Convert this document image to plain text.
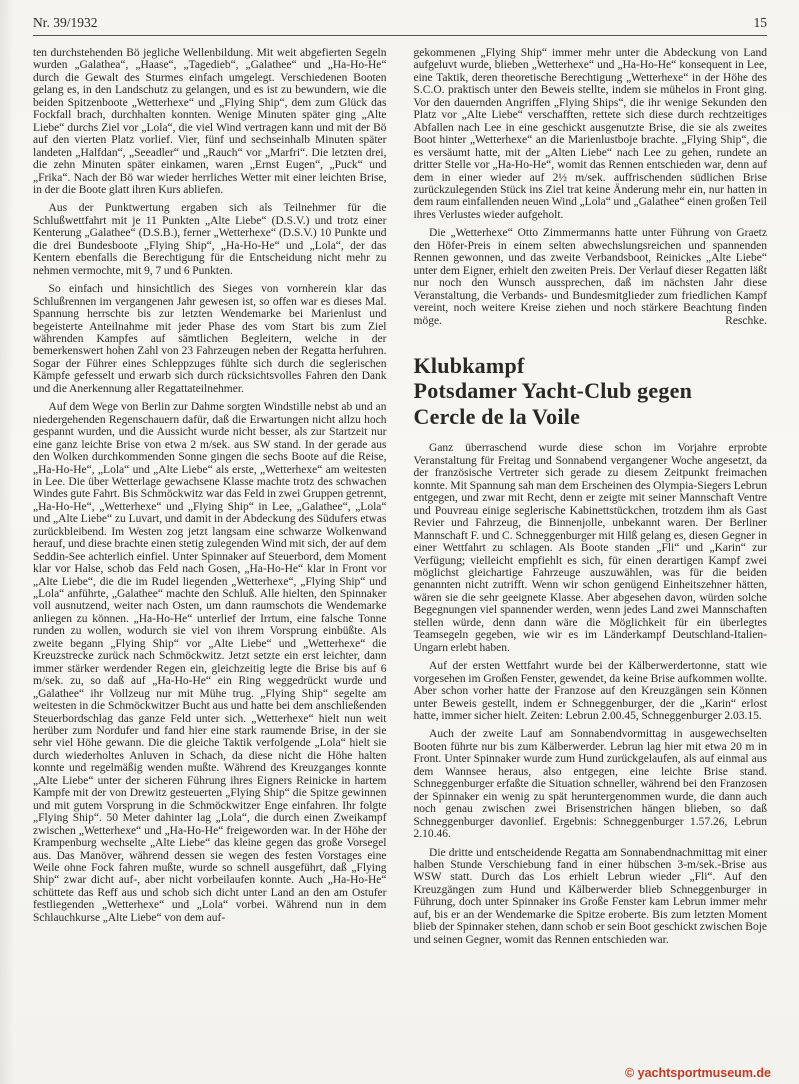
Nr. 39/1932	15

ten durchstehenden Bö jegliche Wellenbildung. Mit weit abgefierten Segeln wurden „Galathea“, „Haase“, „Tagedieb“, „Galathee“ und „Ha-Ho-He“ durch die Gewalt des Sturmes einfach umgelegt. Verschiedenen Booten gelang es, in den Landschutz zu gelangen, und es ist zu bewundern, wie die beiden Spitzenboote „Wetterhexe“ und „Flying Ship“, dem zum Glück das Fockfall brach, durchhalten konnten. Wenige Minuten später ging „Alte Liebe“ durchs Ziel vor „Lola“, die viel Wind vertragen kann und mit der Bö auf den vierten Platz vorlief. Vier, fünf und sechseinhalb Minuten später landeten „Halfdan“, „Seeadler“ und „Rauch“ vor „Marfri“. Die letzten drei, die zehn Minuten später einkamen, waren „Ernst Eugen“, „Puck“ und „Frika“. Nach der Bö war wieder herrliches Wetter mit einer leichten Brise, in der die Boote glatt ihren Kurs abliefen.

Aus der Punktwertung ergaben sich als Teilnehmer für die Schlußwettfahrt mit je 11 Punkten „Alte Liebe“ (D.S.V.) und trotz einer Kenterung „Galathee“ (D.S.B.), ferner „Wetterhexe“ (D.S.V.) 10 Punkte und die drei Bundesboote „Flying Ship“, „Ha-Ho-He“ und „Lola“, der das Kentern ebenfalls die Berechtigung für die Entscheidung nicht mehr zu nehmen vermochte, mit 9, 7 und 6 Punkten.

So einfach und hinsichtlich des Sieges von vornherein klar das Schlußrennen im vergangenen Jahr gewesen ist, so offen war es dieses Mal. Spannung herrschte bis zur letzten Wendemarke bei Marienlust und begeisterte Anteilnahme mit jeder Phase des vom Start bis zum Ziel währenden Kampfes auf sämtlichen Begleitern, welche in der bemerkenswert hohen Zahl von 23 Fahrzeugen neben der Regatta herfuhren. Sogar der Führer eines Schleppzuges fühlte sich durch die seglerischen Kämpfe gefesselt und erwarb sich durch rücksichtsvolles Fahren den Dank und die Anerkennung aller Regattateilnehmer.

Auf dem Wege von Berlin zur Dahme sorgten Windstille nebst ab und an niedergehenden Regenschauern dafür, daß die Erwartungen nicht allzu hoch gespannt wurden, und die Aussicht wurde nicht besser, als zur Startzeit nur eine ganz leichte Brise von etwa 2 m/sek. aus SW stand. In der gerade aus den Wolken durchkommenden Sonne gingen die sechs Boote auf die Reise, „Ha-Ho-He“, „Lola“ und „Alte Liebe“ als erste, „Wetterhexe“ am weitesten in Lee. Die über Wetterlage gewachsene Klasse machte trotz des schwachen Windes gute Fahrt. Bis Schmöckwitz war das Feld in zwei Gruppen getrennt, „Ha-Ho-He“, „Wetterhexe“ und „Flying Ship“ in Lee, „Galathee“, „Lola“ und „Alte Liebe“ zu Luvart, und damit in der Abdeckung des Südufers etwas zurückbleibend. Im Westen zog jetzt langsam eine schwarze Wolkenwand herauf, und diese brachte einen stetig zulegenden Wind mit sich, der auf dem Seddin-See achterlich einfiel. Unter Spinnaker auf Steuerbord, dem Moment klar vor Halse, schob das Feld nach Gosen, „Ha-Ho-He“ klar in Front vor „Alte Liebe“, die die im Rudel liegenden „Wetterhexe“, „Flying Ship“ und „Lola“ anführte, „Galathee“ machte den Schluß. Alle hielten, den Spinnaker voll ausnutzend, weiter nach Osten, um dann raumschots die Wendemarke anliegen zu können. „Ha-Ho-He“ unterlief der Irrtum, eine falsche Tonne runden zu wollen, wodurch sie viel von ihrem Vorsprung einbüßte. Als zweite begann „Flying Ship“ vor „Alte Liebe“ und „Wetterhexe“ die Kreuzstrecke zurück nach Schmöckwitz. Jetzt setzte ein erst leichter, dann immer stärker werdender Regen ein, gleichzeitig legte die Brise bis auf 6 m/sek. zu, so daß auf „Ha-Ho-He“ ein Ring weggedrückt wurde und „Galathee“ ihr Vollzeug nur mit Mühe trug. „Flying Ship“ segelte am weitesten in die Schmöckwitzer Bucht aus und hatte bei dem anschließenden Steuerbordschlag das ganze Feld unter sich. „Wetterhexe“ hielt nun weit herüber zum Nordufer und fand hier eine stark raumende Brise, in der sie sehr viel Höhe gewann. Die die gleiche Taktik verfolgende „Lola“ hielt sie durch wiederholtes Anluven in Schach, da diese nicht die Höhe halten konnte und regelmäßig wenden mußte. Während des Kreuzganges konnte „Alte Liebe“ unter der sicheren Führung ihres Eigners Reinicke in hartem Kampfe mit der von Drewitz gesteuerten „Flying Ship“ die Spitze gewinnen und mit gutem Vorsprung in die Schmöckwitzer Enge einfahren. Ihr folgte „Flying Ship“. 50 Meter dahinter lag „Lola“, die durch einen Zweikampf zwischen „Wetterhexe“ und „Ha-Ho-He“ freigeworden war. In der Höhe der Krampenburg wechselte „Alte Liebe“ das kleine gegen das große Vorsegel aus. Das Manöver, während dessen sie wegen des festen Vorstages eine Weile ohne Fock fahren mußte, wurde so schnell ausgeführt, daß „Flying Ship“ zwar dicht auf-, aber nicht vorbeilaufen konnte. Auch „Ha-Ho-He“ schüttete das Reff aus und schob sich dicht unter Land an den am Ostufer festliegenden „Wetterhexe“ und „Lola“ vorbei. Während nun in dem Schlauchkurse „Alte Liebe“ von dem auf-

gekommenen „Flying Ship“ immer mehr unter die Abdeckung von Land aufgeluvt wurde, blieben „Wetterhexe“ und „Ha-Ho-He“ konsequent in Lee, eine Taktik, deren theoretische Berechtigung „Wetterhexe“ in der Höhe des S.C.O. praktisch unter den Beweis stellte, indem sie mühelos in Front ging. Vor den dauernden Angriffen „Flying Ships“, die ihr wenige Sekunden den Platz vor „Alte Liebe“ verschafften, rettete sich diese durch rechtzeitiges Abfallen nach Lee in eine geschickt ausgenutzte Brise, die sie als zweites Boot hinter „Wetterhexe“ an die Marienlustboje brachte. „Flying Ship“, die es versäumt hatte, mit der „Alten Liebe“ nach Lee zu gehen, rundete an dritter Stelle vor „Ha-Ho-He“, womit das Rennen entschieden war, denn auf dem in einer wieder auf 2½ m/sek. auffrischenden südlichen Brise zurückzulegenden Stück ins Ziel trat keine Änderung mehr ein, nur hatten in dem raum einfallenden neuen Wind „Lola“ und „Galathee“ einen großen Teil ihres Verlustes wieder aufgeholt.

Die „Wetterhexe“ Otto Zimmermanns hatte unter Führung von Graetz den Höfer-Preis in einem selten abwechslungsreichen und spannenden Rennen gewonnen, und das zweite Verbandsboot, Reinickes „Alte Liebe“ unter dem Eigner, erhielt den zweiten Preis. Der Verlauf dieser Regatten läßt nur noch den Wunsch aussprechen, daß im nächsten Jahr diese Veranstaltung, die Verbands- und Bundesmitglieder zum friedlichen Kampf vereint, noch weitere Kreise ziehen und noch stärkere Beachtung finden möge.	Reschke.

Klubkampf
Potsdamer Yacht-Club gegen
Cercle de la Voile

Ganz überraschend wurde diese schon im Vorjahre erprobte Veranstaltung für Freitag und Sonnabend vergangener Woche angesetzt, da der französische Vertreter sich gerade zu diesem Zeitpunkt freimachen konnte. Mit Spannung sah man dem Erscheinen des Olympia-Siegers Lebrun entgegen, und zwar mit Recht, denn er zeigte mit seiner Mannschaft Ventre und Pouvreau einige seglerische Kabinettstückchen, trotzdem ihm als Gast Revier und Fahrzeug, die Binnenjolle, unbekannt waren. Der Berliner Mannschaft F. und C. Schneggenburger mit Hilß gelang es, diesen Gegner in einer Wettfahrt zu schlagen. Als Boote standen „Fli“ und „Karin“ zur Verfügung; vielleicht empfiehlt es sich, für einen derartigen Kampf zwei möglichst gleichartige Fahrzeuge auszuwählen, was für die beiden genannten nicht zutrifft. Wenn wir schon genügend Einheitszehner hätten, wären sie die sehr geeignete Klasse. Aber abgesehen davon, würden solche Begegnungen viel spannender werden, wenn jedes Land zwei Mannschaften stellen würde, denn dann wäre die Möglichkeit für ein überlegtes Teamsegeln gegeben, wie wir es im Länderkampf Deutschland-Italien-Ungarn erlebt haben.

Auf der ersten Wettfahrt wurde bei der Kälberwerdertonne, statt wie vorgesehen im Großen Fenster, gewendet, da keine Brise aufkommen wollte. Aber schon vorher hatte der Franzose auf den Kreuzgängen sein Können unter Beweis gestellt, indem er Schneggenburger, der die „Karin“ erlost hatte, immer sicher hielt. Zeiten: Lebrun 2.00.45, Schneggenburger 2.03.15.

Auch der zweite Lauf am Sonnabendvormittag in ausgewechselten Booten führte nur bis zum Kälberwerder. Lebrun lag hier mit etwa 20 m in Front. Unter Spinnaker wurde zum Hund zurückgelaufen, als auf einmal aus dem Wannsee heraus, also entgegen, eine leichte Brise stand. Schneggenburger erfaßte die Situation schneller, während bei den Franzosen der Spinnaker ein wenig zu spät heruntergenommen wurde, die dann auch noch genau zwischen zwei Brisenstrichen hängen blieben, so daß Schneggenburger davonlief. Ergebnis: Schneggenburger 1.57.26, Lebrun 2.10.46.

Die dritte und entscheidende Regatta am Sonnabendnachmittag mit einer halben Stunde Verschiebung fand in einer hübschen 3-m/sek.-Brise aus WSW statt. Durch das Los erhielt Lebrun wieder „Fli“. Auf den Kreuzgängen zum Hund und Kälberwerder blieb Schneggenburger in Führung, doch unter Spinnaker ins Große Fenster kam Lebrun immer mehr auf, bis er an der Wendemarke die Spitze eroberte. Bis zum letzten Moment blieb der Spinnaker stehen, dann schob er sein Boot geschickt zwischen Boje und seinen Gegner, womit das Rennen entschieden war.

© yachtsportmuseum.de
